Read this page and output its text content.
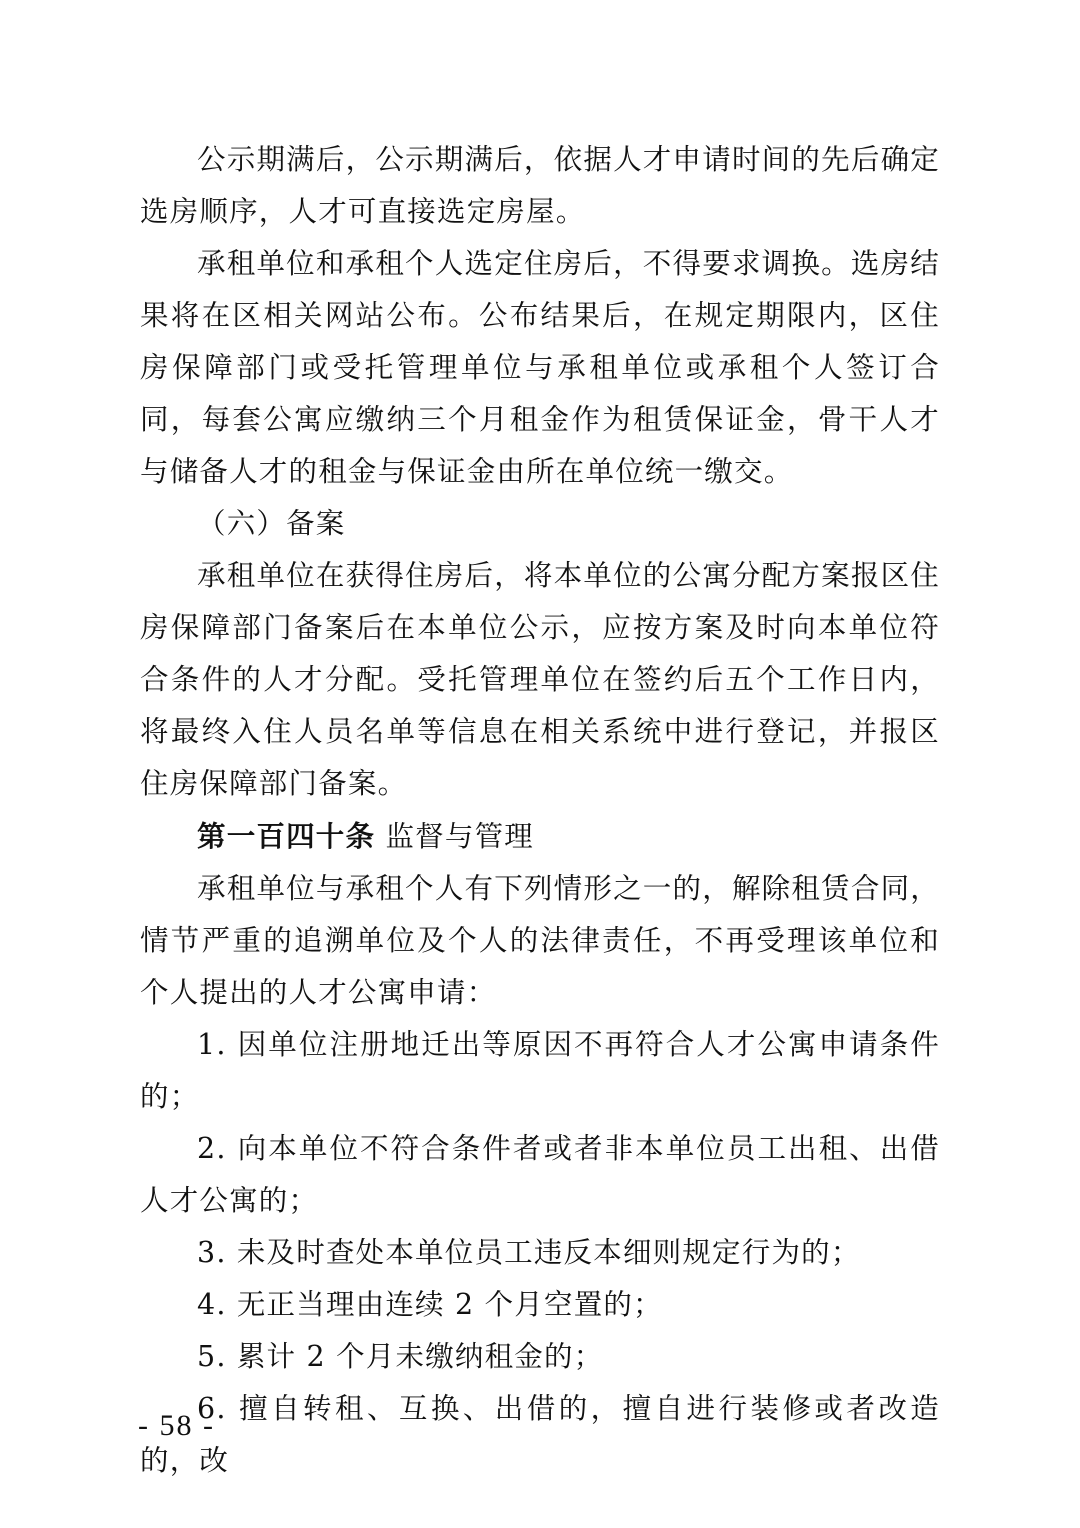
公示期满后，公示期满后，依据人才申请时间的先后确定选房顺序，人才可直接选定房屋。

承租单位和承租个人选定住房后，不得要求调换。选房结果将在区相关网站公布。公布结果后，在规定期限内，区住房保障部门或受托管理单位与承租单位或承租个人签订合同，每套公寓应缴纳三个月租金作为租赁保证金，骨干人才与储备人才的租金与保证金由所在单位统一缴交。

（六）备案

承租单位在获得住房后，将本单位的公寓分配方案报区住房保障部门备案后在本单位公示，应按方案及时向本单位符合条件的人才分配。受托管理单位在签约后五个工作日内，将最终入住人员名单等信息在相关系统中进行登记，并报区住房保障部门备案。

第一百四十条 监督与管理

承租单位与承租个人有下列情形之一的，解除租赁合同，情节严重的追溯单位及个人的法律责任，不再受理该单位和个人提出的人才公寓申请：

1. 因单位注册地迁出等原因不再符合人才公寓申请条件的；

2. 向本单位不符合条件者或者非本单位员工出租、出借人才公寓的；

3. 未及时查处本单位员工违反本细则规定行为的；

4. 无正当理由连续 2 个月空置的；

5. 累计 2 个月未缴纳租金的；

6. 擅自转租、互换、出借的，擅自进行装修或者改造的，改

- 58 -
